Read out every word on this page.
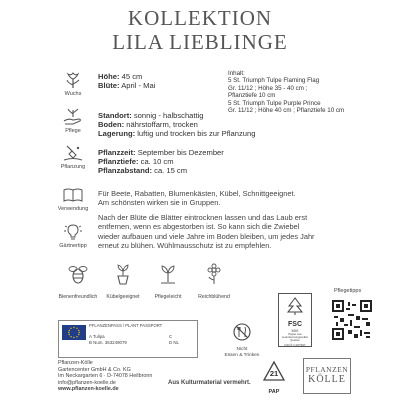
KOLLEKTION
LILA LIEBLINGE
Wuchs
Höhe: 45 cm
Blüte: April - Mai
Inhalt:
5 St. Triumph Tulpe Flaming Flag
Gr. 11/12 ; Höhe 35 - 40 cm ;
Pflanztiefe 10 cm
5 St. Triumph Tulpe Purple Prince
Gr. 11/12 ; Höhe 40 cm ; Pflanztiefe 10 cm
Pflege
Standort: sonnig - halbschattig
Boden: nährstoffarm, trocken
Lagerung: luftig und trocken bis zur Pflanzung
Pflanzung
Pflanzzeit: September bis Dezember
Pflanztiefe: ca. 10 cm
Pflanzabstand: ca. 15 cm
Verwendung
Für Beete, Rabatten, Blumenkästen, Kübel, Schnittgeeignet.
Am schönsten wirken sie in Gruppen.
Gärtnertipp
Nach der Blüte die Blätter eintrocknen lassen und das Laub erst
entfernen, wenn es abgestorben ist. So kann sich die Zwiebel
wieder aufbauen und viele Jahre im Boden bleiben, um jedes Jahr
erneut zu blühen. Wühlmausschutz ist zu empfehlen.
Bienenfreundlich	Kübelgeeignet	Pflegeleicht	Reichblühend
FSC
MIX
Papier aus verantwortungsvollen Quellen
FSC® C167997
Pflegetipps
PFLANZENPASS / PLANT PASSPORT
A Tulipa
B Num. 363249079
C
D NL
Nicht
Essen & Trinken
Pflanzen-Kölle
Gartencenter GmbH & Co. KG
Im Neckargarten 6 · D-74078 Heilbronn
info@pflanzen-koelle.de
www.pflanzen-koelle.de
Aus Kulturmaterial vermehrt.
21
PAP
PFLANZEN
KÖLLE
